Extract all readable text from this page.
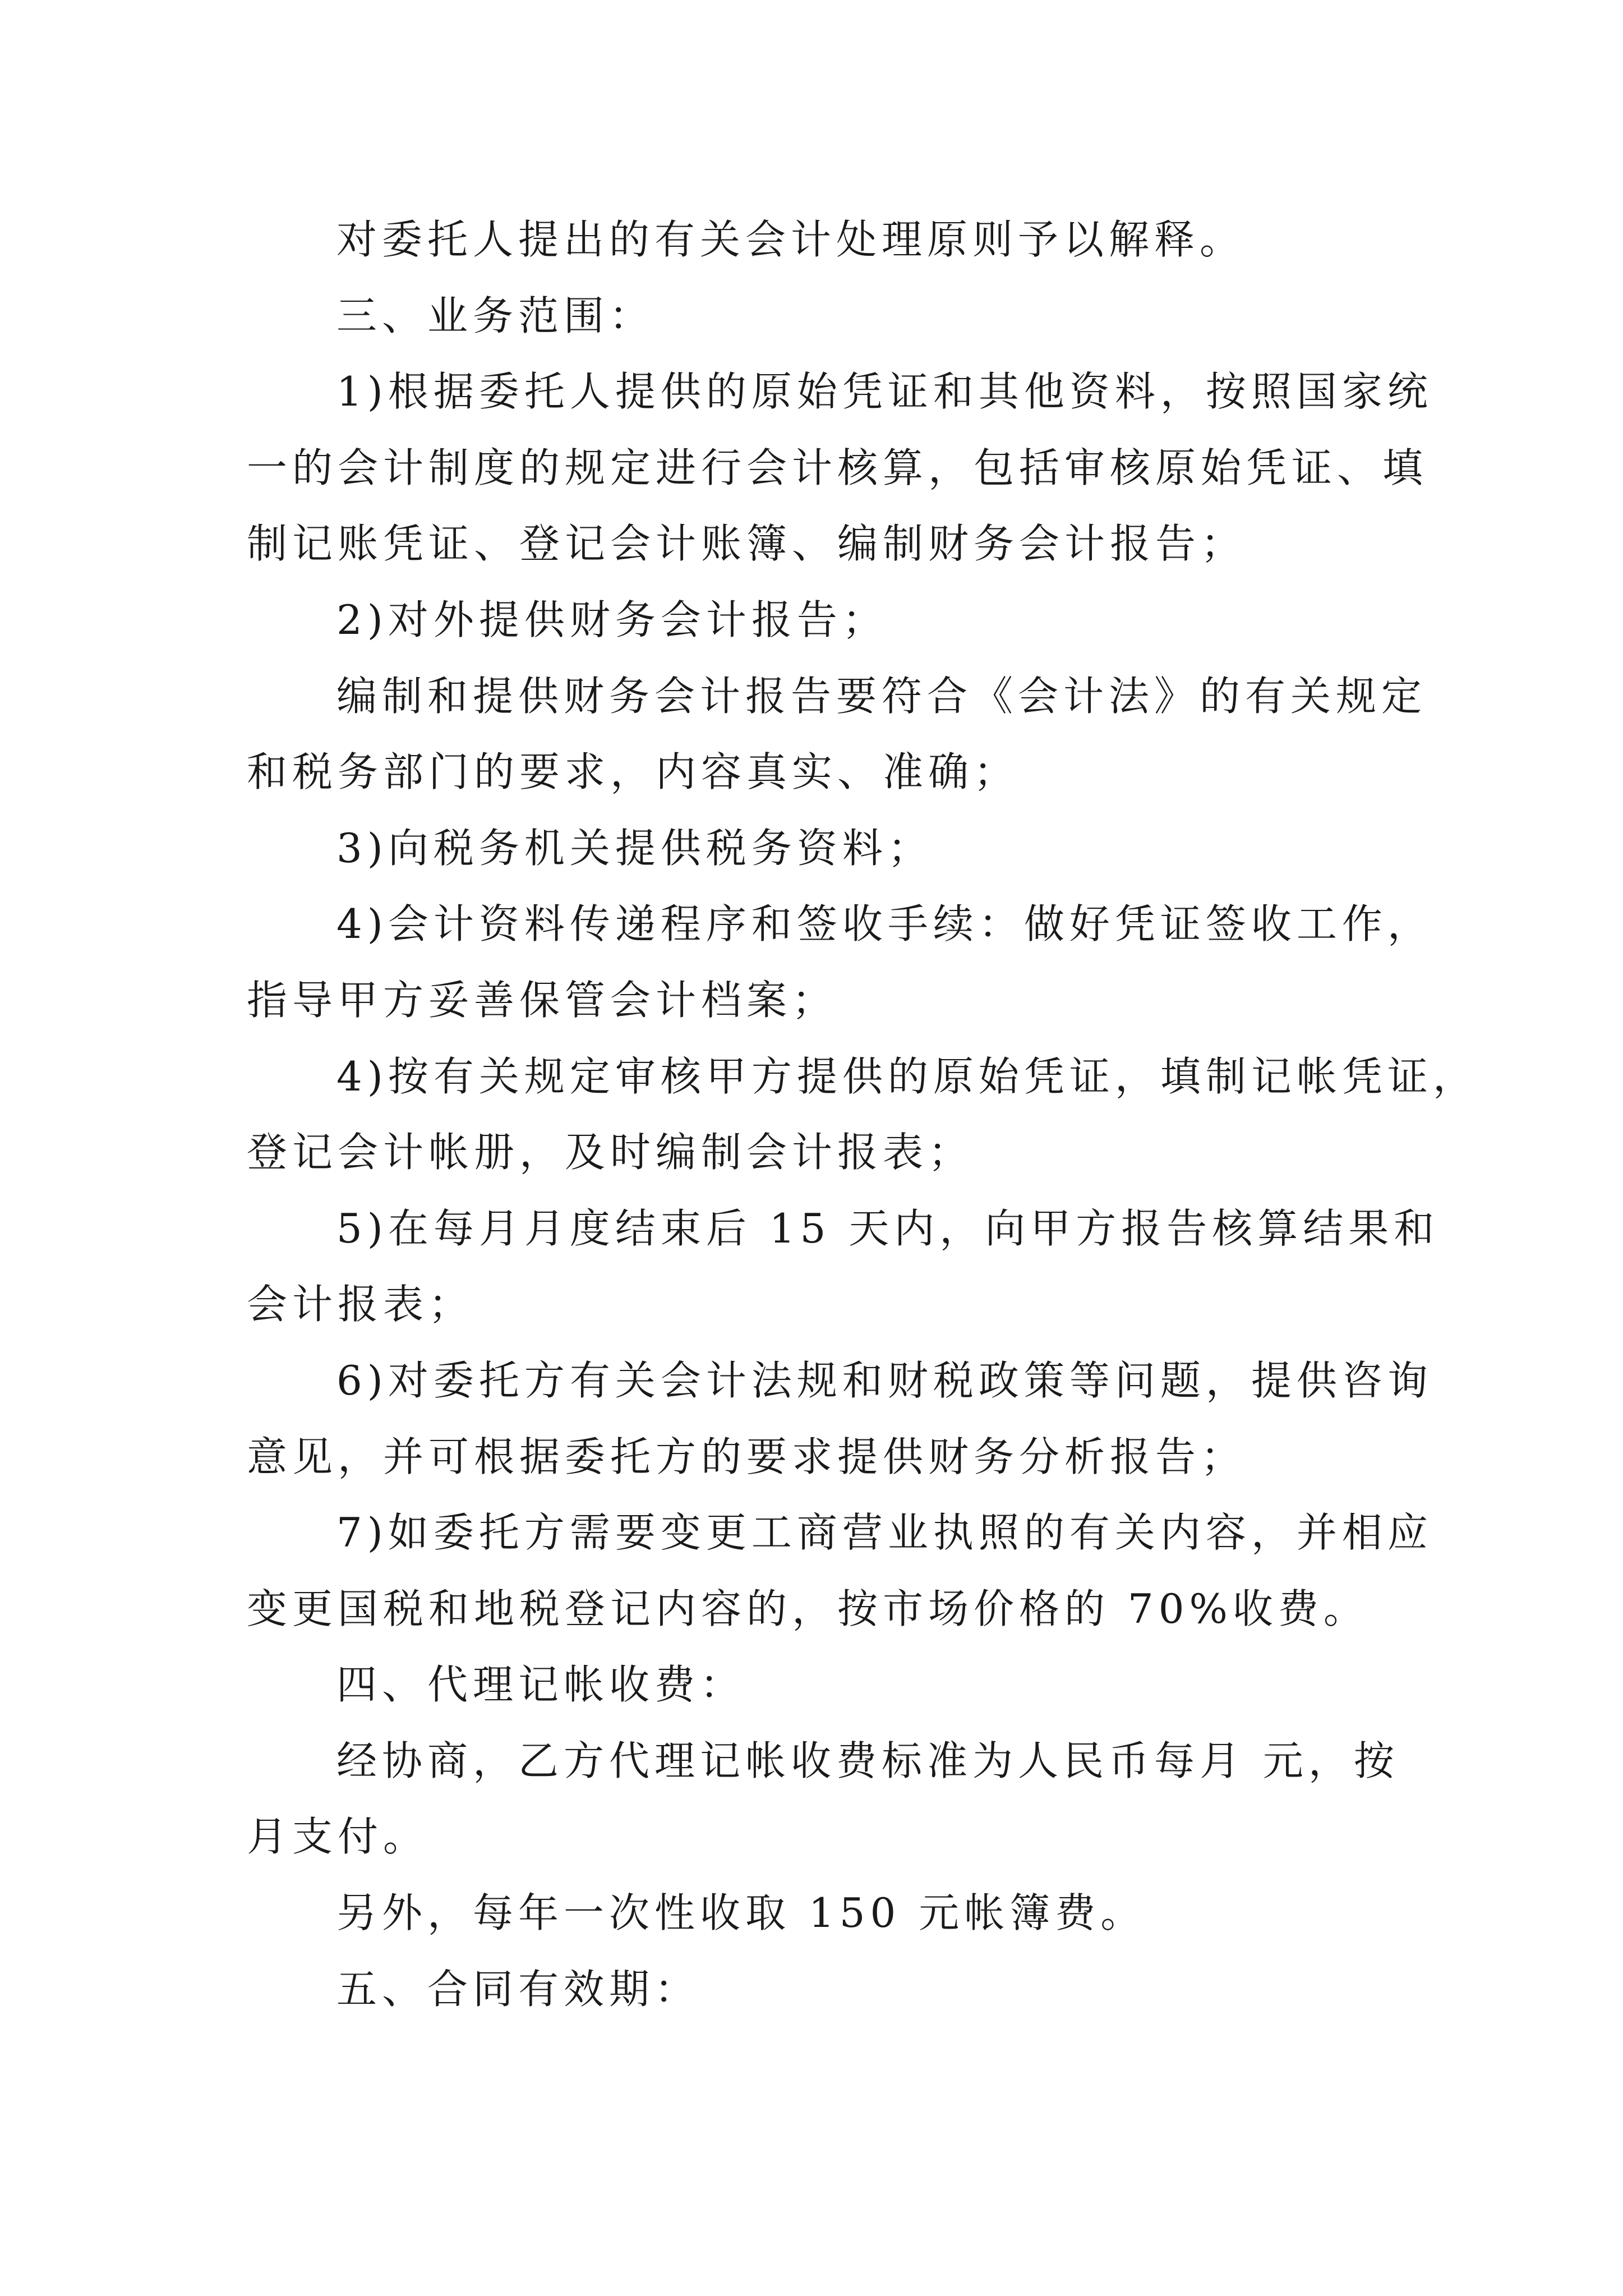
对委托人提出的有关会计处理原则予以解释。
三、业务范围：
1)根据委托人提供的原始凭证和其他资料，按照国家统
一的会计制度的规定进行会计核算，包括审核原始凭证、填
制记账凭证、登记会计账簿、编制财务会计报告；
2)对外提供财务会计报告；
编制和提供财务会计报告要符合《会计法》的有关规定
和税务部门的要求，内容真实、准确；
3)向税务机关提供税务资料；
4)会计资料传递程序和签收手续：做好凭证签收工作，
指导甲方妥善保管会计档案；
4)按有关规定审核甲方提供的原始凭证，填制记帐凭证，
登记会计帐册，及时编制会计报表；
5)在每月月度结束后 15 天内，向甲方报告核算结果和
会计报表；
6)对委托方有关会计法规和财税政策等问题，提供咨询
意见，并可根据委托方的要求提供财务分析报告；
7)如委托方需要变更工商营业执照的有关内容，并相应
变更国税和地税登记内容的，按市场价格的 70%收费。
四、代理记帐收费：
经协商，乙方代理记帐收费标准为人民币每月 元，按
月支付。
另外，每年一次性收取 150 元帐簿费。
五、合同有效期：
